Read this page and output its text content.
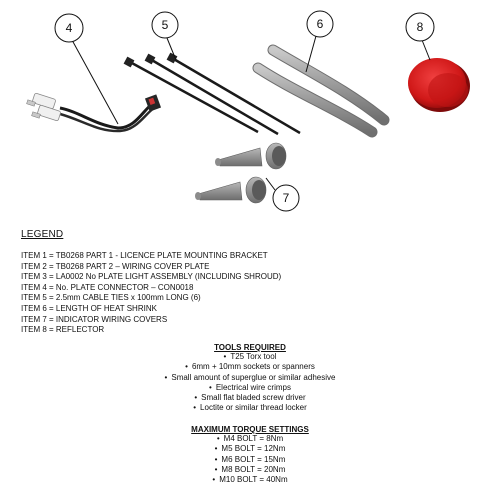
4	5	6	8
7
LEGEND
ITEM 1 = TB0268 PART 1 - LICENCE PLATE MOUNTING BRACKET
ITEM 2 = TB0268 PART 2 – WIRING COVER PLATE
ITEM 3 = LA0002 No PLATE LIGHT ASSEMBLY (INCLUDING SHROUD)
ITEM 4 = No. PLATE CONNECTOR – CON0018
ITEM 5 = 2.5mm CABLE TIES x 100mm LONG (6)
ITEM 6 = LENGTH OF HEAT SHRINK
ITEM 7 = INDICATOR WIRING COVERS
ITEM 8 = REFLECTOR
TOOLS REQUIRED
• T25 Torx tool
• 6mm + 10mm sockets or spanners
• Small amount of superglue or similar adhesive
• Electrical wire crimps
• Small flat bladed screw driver
• Loctite or similar thread locker
MAXIMUM TORQUE SETTINGS
• M4 BOLT = 8Nm
• M5 BOLT = 12Nm
• M6 BOLT = 15Nm
• M8 BOLT = 20Nm
• M10 BOLT = 40Nm
